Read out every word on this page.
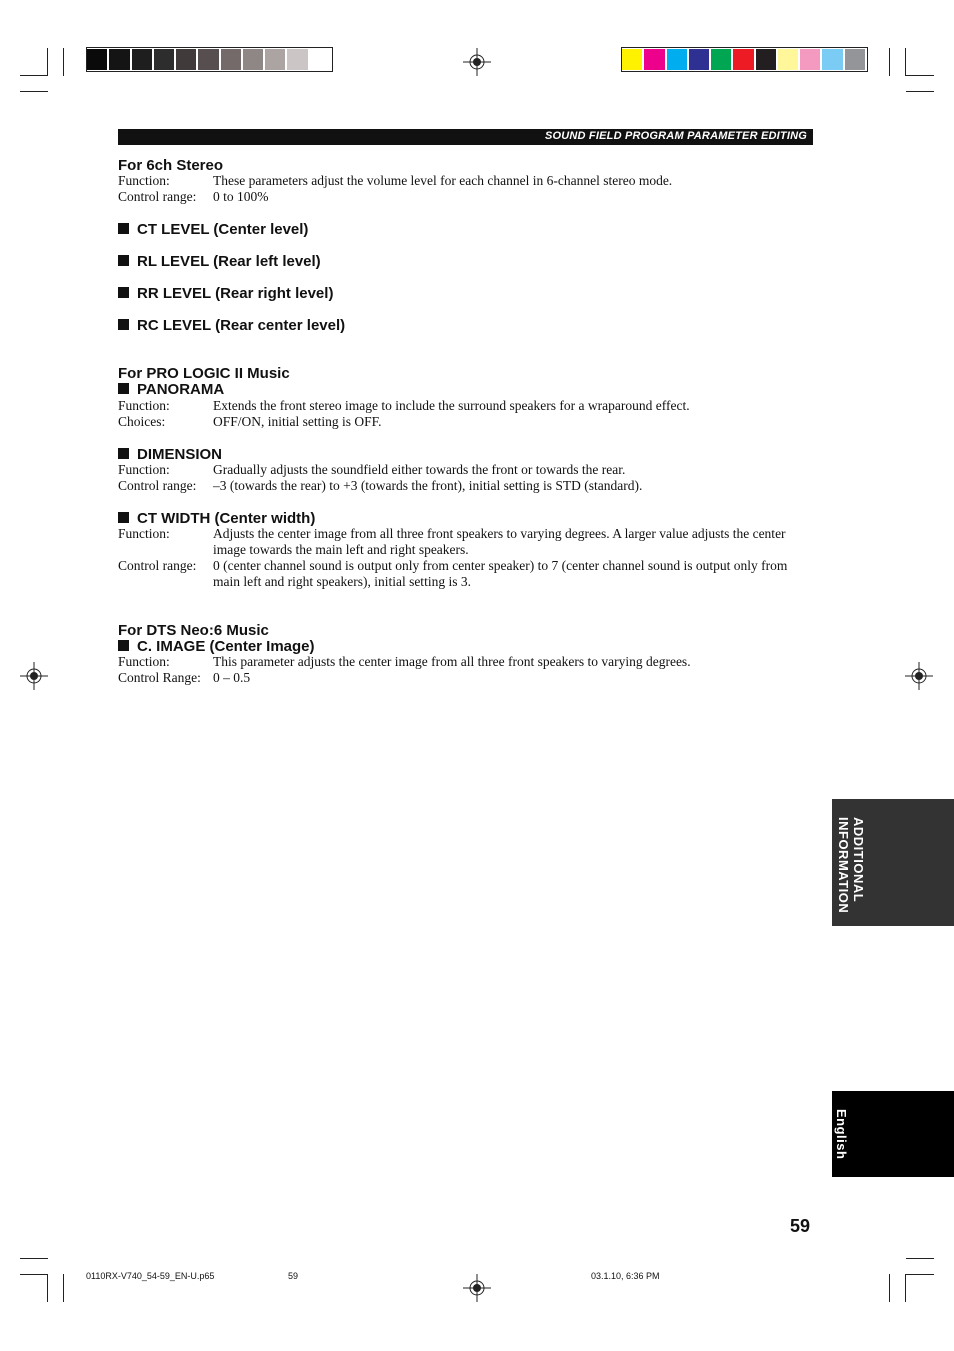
SOUND FIELD PROGRAM PARAMETER EDITING
For 6ch Stereo
Function:	These parameters adjust the volume level for each channel in 6-channel stereo mode.
Control range: 0 to 100%
CT LEVEL (Center level)
RL LEVEL (Rear left level)
RR LEVEL (Rear right level)
RC LEVEL (Rear center level)
For PRO LOGIC II Music
PANORAMA
Function:	Extends the front stereo image to include the surround speakers for a wraparound effect.
Choices:	OFF/ON, initial setting is OFF.
DIMENSION
Function:	Gradually adjusts the soundfield either towards the front or towards the rear.
Control range: –3 (towards the rear) to +3 (towards the front), initial setting is STD (standard).
CT WIDTH (Center width)
Function:	Adjusts the center image from all three front speakers to varying degrees. A larger value adjusts the center image towards the main left and right speakers.
Control range: 0 (center channel sound is output only from center speaker) to 7 (center channel sound is output only from main left and right speakers), initial setting is 3.
For DTS Neo:6 Music
C. IMAGE (Center Image)
Function:	This parameter adjusts the center image from all three front speakers to varying degrees.
Control Range: 0 – 0.5
ADDITIONAL INFORMATION
English
59
0110RX-V740_54-59_EN-U.p65	59	03.1.10, 6:36 PM
